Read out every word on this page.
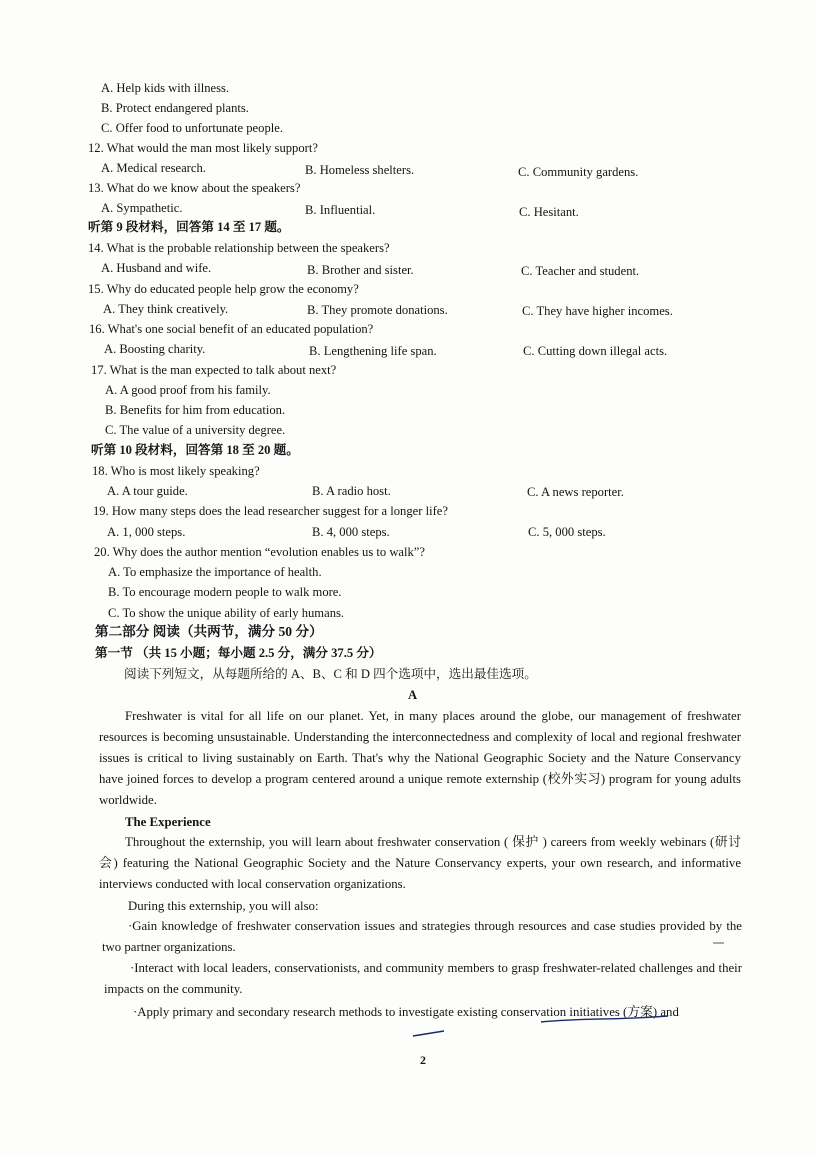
A. Help kids with illness.
B. Protect endangered plants.
C. Offer food to unfortunate people.
12. What would the man most likely support?
A. Medical research.	B. Homeless shelters.	C. Community gardens.
13. What do we know about the speakers?
A. Sympathetic.	B. Influential.	C. Hesitant.
听第 9 段材料，回答第 14 至 17 题。
14. What is the probable relationship between the speakers?
A. Husband and wife.	B. Brother and sister.	C. Teacher and student.
15. Why do educated people help grow the economy?
A. They think creatively.	B. They promote donations.	C. They have higher incomes.
16. What's one social benefit of an educated population?
A. Boosting charity.	B. Lengthening life span.	C. Cutting down illegal acts.
17. What is the man expected to talk about next?
A. A good proof from his family.
B. Benefits for him from education.
C. The value of a university degree.
听第 10 段材料，回答第 18 至 20 题。
18. Who is most likely speaking?
A. A tour guide.	B. A radio host.	C. A news reporter.
19. How many steps does the lead researcher suggest for a longer life?
A. 1, 000 steps.	B. 4, 000 steps.	C. 5, 000 steps.
20. Why does the author mention “evolution enables us to walk”?
A. To emphasize the importance of health.
B. To encourage modern people to walk more.
C. To show the unique ability of early humans.
第二部分 阅读（共两节，满分 50 分）
第一节 （共 15 小题；每小题 2.5 分，满分 37.5 分）
阅读下列短文，从每题所给的 A、B、C 和 D 四个选项中，选出最佳选项。
A
Freshwater is vital for all life on our planet. Yet, in many places around the globe, our management of freshwater resources is becoming unsustainable. Understanding the interconnectedness and complexity of local and regional freshwater issues is critical to living sustainably on Earth. That's why the National Geographic Society and the Nature Conservancy have joined forces to develop a program centered around a unique remote externship (校外实习) program for young adults worldwide.
The Experience
Throughout the externship, you will learn about freshwater conservation ( 保护 ) careers from weekly webinars (研讨会) featuring the National Geographic Society and the Nature Conservancy experts, your own research, and informative interviews conducted with local conservation organizations.
During this externship, you will also:
·Gain knowledge of freshwater conservation issues and strategies through resources and case studies provided by the two partner organizations.
·Interact with local leaders, conservationists, and community members to grasp freshwater-related challenges and their impacts on the community.
·Apply primary and secondary research methods to investigate existing conservation initiatives (方案) and
2
